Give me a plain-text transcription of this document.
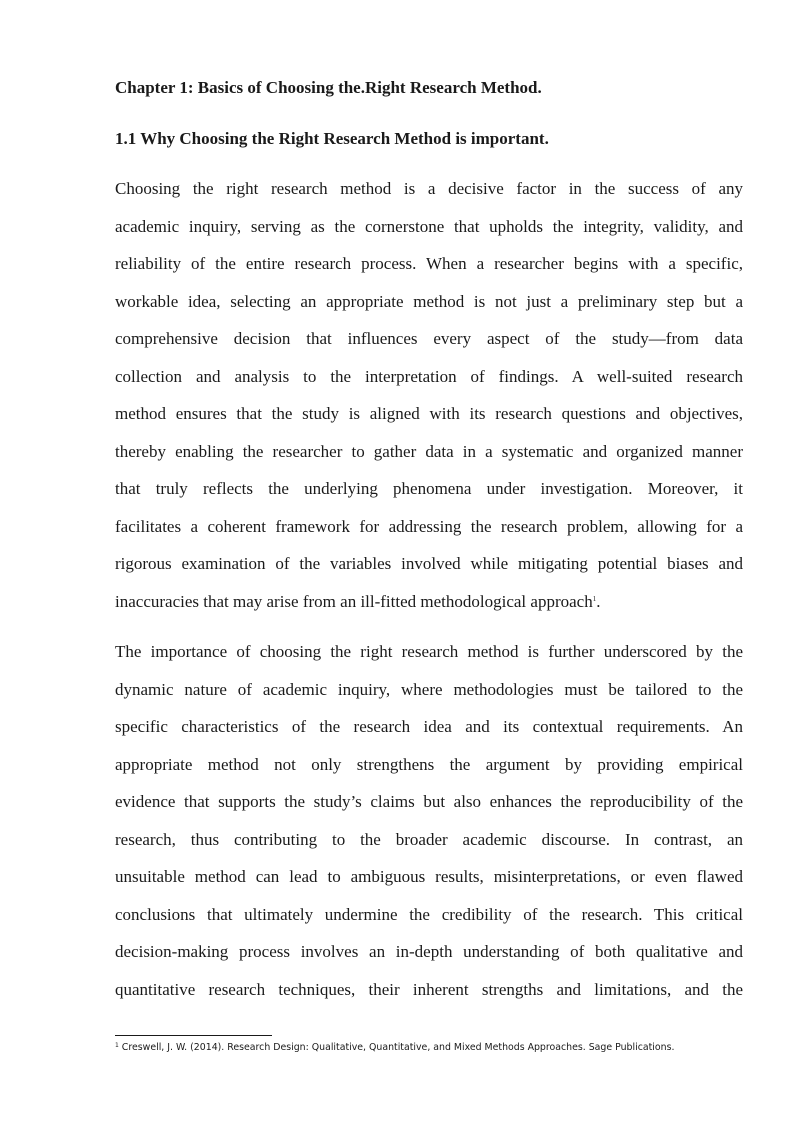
Chapter 1: Basics of Choosing the.Right Research Method.
1.1 Why Choosing the Right Research Method is important.
Choosing the right research method is a decisive factor in the success of any
academic inquiry, serving as the cornerstone that upholds the integrity, validity, and
reliability of the entire research process. When a researcher begins with a specific,
workable idea, selecting an appropriate method is not just a preliminary step but a
comprehensive decision that influences every aspect of the study—from data
collection and analysis to the interpretation of findings. A well-suited research
method ensures that the study is aligned with its research questions and objectives,
thereby enabling the researcher to gather data in a systematic and organized manner
that truly reflects the underlying phenomena under investigation. Moreover, it
facilitates a coherent framework for addressing the research problem, allowing for a
rigorous examination of the variables involved while mitigating potential biases and
inaccuracies that may arise from an ill-fitted methodological approach$^1$.
The importance of choosing the right research method is further underscored by the
dynamic nature of academic inquiry, where methodologies must be tailored to the
specific characteristics of the research idea and its contextual requirements. An
appropriate method not only strengthens the argument by providing empirical
evidence that supports the study’s claims but also enhances the reproducibility of the
research, thus contributing to the broader academic discourse. In contrast, an
unsuitable method can lead to ambiguous results, misinterpretations, or even flawed
conclusions that ultimately undermine the credibility of the research. This critical
decision-making process involves an in-depth understanding of both qualitative and
quantitative research techniques, their inherent strengths and limitations, and the

$^1$ Creswell, J. W. (2014). Research Design: Qualitative, Quantitative, and Mixed Methods Approaches. Sage Publications.
